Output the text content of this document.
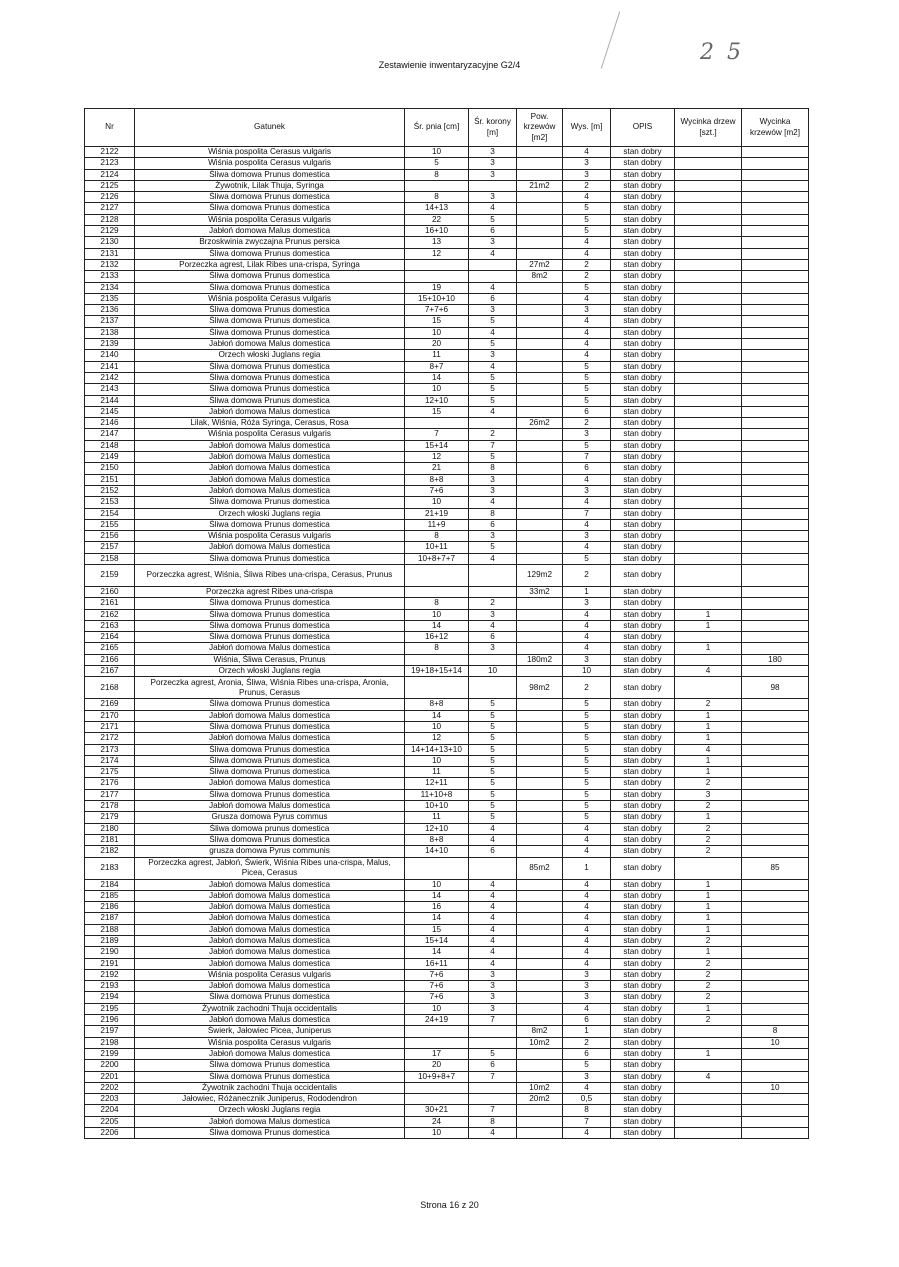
Zestawienie inwentaryzacyjne G2/4	2 5
Nr	Gatunek	Śr. pnia [cm]	Śr. korony [m]	Pow. krzewów [m2]	Wys. [m]	OPIS	Wycinka drzew [szt.]	Wycinka krzewów [m2]
2122	Wiśnia pospolita Cerasus vulgaris	10	3		4	stan dobry		
2123	Wiśnia pospolita Cerasus vulgaris	5	3		3	stan dobry		
2124	Śliwa domowa Prunus domestica	8	3		3	stan dobry		
2125	Żywotnik, Lilak Thuja, Syringa			21m2	2	stan dobry		
2126	Śliwa domowa Prunus domestica	8	3		4	stan dobry		
2127	Śliwa domowa Prunus domestica	14+13	4		5	stan dobry		
2128	Wiśnia pospolita Cerasus vulgaris	22	5		5	stan dobry		
2129	Jabłoń domowa Malus domestica	16+10	6		5	stan dobry		
2130	Brzoskwinia zwyczajna Prunus persica	13	3		4	stan dobry		
2131	Śliwa domowa Prunus domestica	12	4		4	stan dobry		
2132	Porzeczka agrest, Lilak Ribes una-crispa, Syringa			27m2	2	stan dobry		
2133	Śliwa domowa Prunus domestica			8m2	2	stan dobry		
2134	Śliwa domowa Prunus domestica	19	4		5	stan dobry		
2135	Wiśnia pospolita Cerasus vulgaris	15+10+10	6		4	stan dobry		
2136	Śliwa domowa Prunus domestica	7+7+6	3		3	stan dobry		
2137	Śliwa domowa Prunus domestica	15	5		4	stan dobry		
2138	Śliwa domowa Prunus domestica	10	4		4	stan dobry		
2139	Jabłoń domowa Malus domestica	20	5		4	stan dobry		
2140	Orzech włoski Juglans regia	11	3		4	stan dobry		
2141	Śliwa domowa Prunus domestica	8+7	4		5	stan dobry		
2142	Śliwa domowa Prunus domestica	14	5		5	stan dobry		
2143	Śliwa domowa Prunus domestica	10	5		5	stan dobry		
2144	Śliwa domowa Prunus domestica	12+10	5		5	stan dobry		
2145	Jabłoń domowa Malus domestica	15	4		6	stan dobry		
2146	Lilak, Wiśnia, Róża Syringa, Cerasus, Rosa			26m2	2	stan dobry		
2147	Wiśnia pospolita Cerasus vulgaris	7	2		3	stan dobry		
2148	Jabłoń domowa Malus domestica	15+14	7		5	stan dobry		
2149	Jabłoń domowa Malus domestica	12	5		7	stan dobry		
2150	Jabłoń domowa Malus domestica	21	8		6	stan dobry		
2151	Jabłoń domowa Malus domestica	8+8	3		4	stan dobry		
2152	Jabłoń domowa Malus domestica	7+6	3		3	stan dobry		
2153	Śliwa domowa Prunus domestica	10	4		4	stan dobry		
2154	Orzech włoski Juglans regia	21+19	8		7	stan dobry		
2155	Śliwa domowa Prunus domestica	11+9	6		4	stan dobry		
2156	Wiśnia pospolita Cerasus vulgaris	8	3		3	stan dobry		
2157	Jabłoń domowa Malus domestica	10+11	5		4	stan dobry		
2158	Śliwa domowa Prunus domestica	10+8+7+7	4		5	stan dobry		
2159	Porzeczka agrest, Wiśnia, Śliwa Ribes una-crispa, Cerasus, Prunus			129m2	2	stan dobry		
2160	Porzeczka agrest Ribes una-crispa			33m2	1	stan dobry		
2161	Śliwa domowa Prunus domestica	8	2		3	stan dobry		
2162	Śliwa domowa Prunus domestica	10	3		4	stan dobry	1	
2163	Śliwa domowa Prunus domestica	14	4		4	stan dobry	1	
2164	Śliwa domowa Prunus domestica	16+12	6		4	stan dobry		
2165	Jabłoń domowa Malus domestica	8	3		4	stan dobry	1	
2166	Wiśnia, Śliwa Cerasus, Prunus			180m2	3	stan dobry		180
2167	Orzech włoski Juglans regia	19+18+15+14	10		10	stan dobry	4	
2168	Porzeczka agrest, Aronia, Śliwa, Wiśnia Ribes una-crispa, Aronia, Prunus, Cerasus			98m2	2	stan dobry		98
2169	Śliwa domowa Prunus domestica	8+8	5		5	stan dobry	2	
2170	Jabłoń domowa Malus domestica	14	5		5	stan dobry	1	
2171	Śliwa domowa Prunus domestica	10	5		5	stan dobry	1	
2172	Jabłoń domowa Malus domestica	12	5		5	stan dobry	1	
2173	Śliwa domowa Prunus domestica	14+14+13+10	5		5	stan dobry	4	
2174	Śliwa domowa Prunus domestica	10	5		5	stan dobry	1	
2175	Śliwa domowa Prunus domestica	11	5		5	stan dobry	1	
2176	Jabłoń domowa Malus domestica	12+11	5		5	stan dobry	2	
2177	Śliwa domowa Prunus domestica	11+10+8	5		5	stan dobry	3	
2178	Jabłoń domowa Malus domestica	10+10	5		5	stan dobry	2	
2179	Grusza domowa Pyrus commus	11	5		5	stan dobry	1	
2180	Śliwa domowa prunus domestica	12+10	4		4	stan dobry	2	
2181	Śliwa domowa Prunus domestica	8+8	4		4	stan dobry	2	
2182	grusza domowa Pyrus communis	14+10	6		4	stan dobry	2	
2183	Porzeczka agrest, Jabłoń, Świerk, Wiśnia Ribes una-crispa, Malus, Picea, Cerasus			85m2	1	stan dobry		85
2184	Jabłoń domowa Malus domestica	10	4		4	stan dobry	1	
2185	Jabłoń domowa Malus domestica	14	4		4	stan dobry	1	
2186	Jabłoń domowa Malus domestica	16	4		4	stan dobry	1	
2187	Jabłoń domowa Malus domestica	14	4		4	stan dobry	1	
2188	Jabłoń domowa Malus domestica	15	4		4	stan dobry	1	
2189	Jabłoń domowa Malus domestica	15+14	4		4	stan dobry	2	
2190	Jabłoń domowa Malus domestica	14	4		4	stan dobry	1	
2191	Jabłoń domowa Malus domestica	16+11	4		4	stan dobry	2	
2192	Wiśnia pospolita Cerasus vulgaris	7+6	3		3	stan dobry	2	
2193	Jabłoń domowa Malus domestica	7+6	3		3	stan dobry	2	
2194	Śliwa domowa Prunus domestica	7+6	3		3	stan dobry	2	
2195	Żywotnik zachodni Thuja occidentalis	10	3		4	stan dobry	1	
2196	Jabłoń domowa Malus domestica	24+19	7		6	stan dobry	2	
2197	Świerk, Jałowiec Picea, Juniperus			8m2	1	stan dobry		8
2198	Wiśnia pospolita Cerasus vulgaris			10m2	2	stan dobry		10
2199	Jabłoń domowa Malus domestica	17	5		6	stan dobry	1	
2200	Śliwa domowa Prunus domestica	20	6		5	stan dobry		
2201	Śliwa domowa Prunus domestica	10+9+8+7	7		3	stan dobry	4	
2202	Żywotnik zachodni Thuja occidentalis			10m2	4	stan dobry		10
2203	Jałowiec, Różanecznik Juniperus, Rododendron			20m2	0,5	stan dobry		
2204	Orzech włoski Juglans regia	30+21	7		8	stan dobry		
2205	Jabłoń domowa Malus domestica	24	8		7	stan dobry		
2206	Śliwa domowa Prunus domestica	10	4		4	stan dobry		
Strona 16 z 20
